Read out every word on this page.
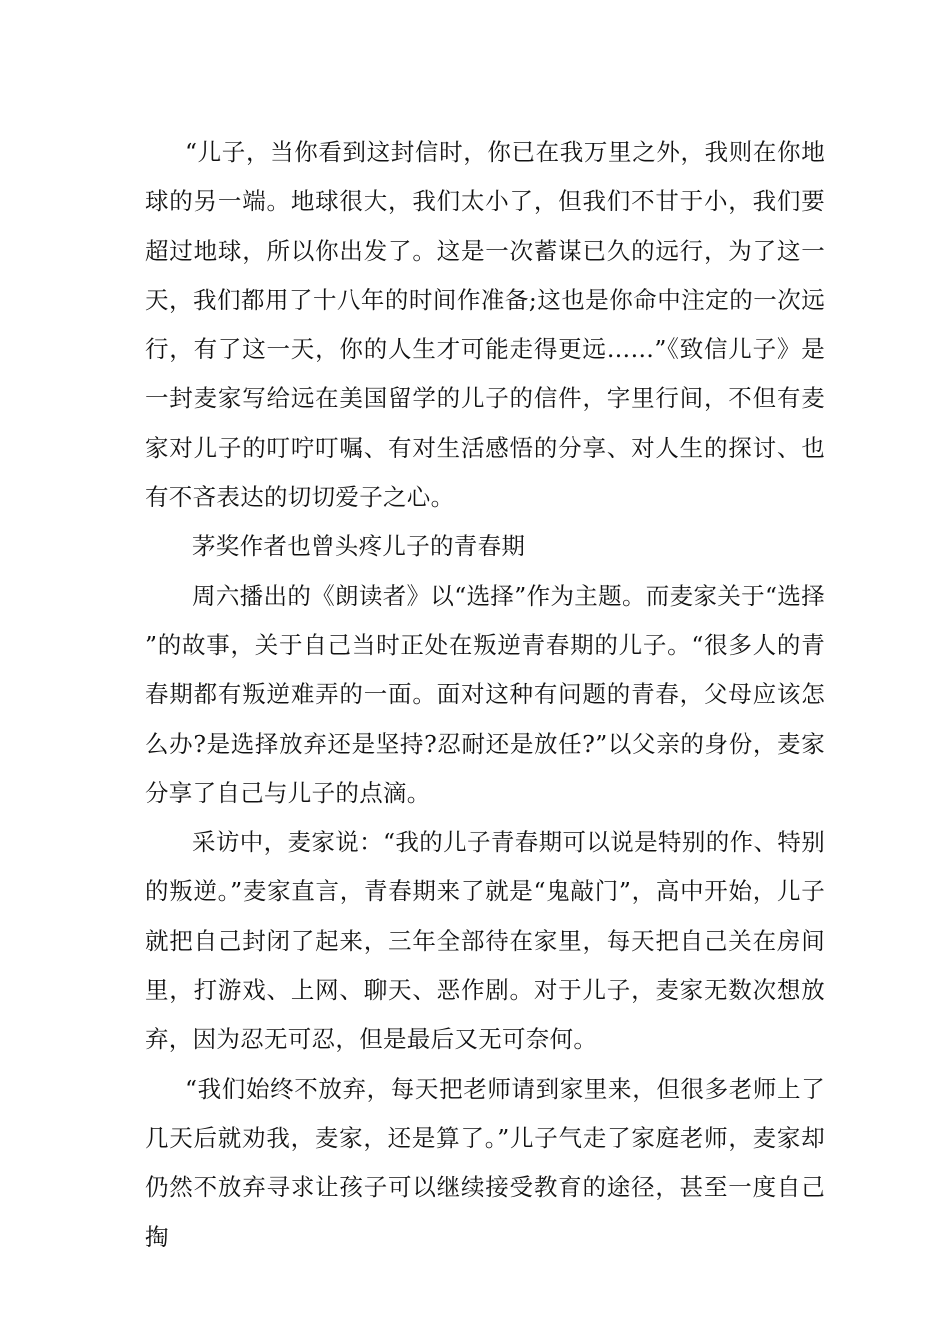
“儿子，当你看到这封信时，你已在我万里之外，我则在你地球的另一端。地球很大，我们太小了，但我们不甘于小，我们要超过地球，所以你出发了。这是一次蓄谋已久的远行，为了这一天，我们都用了十八年的时间作准备;这也是你命中注定的一次远行，有了这一天，你的人生才可能走得更远……”《致信儿子》是一封麦家写给远在美国留学的儿子的信件，字里行间，不但有麦家对儿子的叮咛叮嘱、有对生活感悟的分享、对人生的探讨、也有不吝表达的切切爱子之心。

茅奖作者也曾头疼儿子的青春期

周六播出的《朗读者》以“选择”作为主题。而麦家关于“选择”的故事，关于自己当时正处在叛逆青春期的儿子。“很多人的青春期都有叛逆难弄的一面。面对这种有问题的青春，父母应该怎么办?是选择放弃还是坚持?忍耐还是放任?”以父亲的身份，麦家分享了自己与儿子的点滴。

采访中，麦家说：“我的儿子青春期可以说是特别的作、特别的叛逆。”麦家直言，青春期来了就是“鬼敲门”，高中开始，儿子就把自己封闭了起来，三年全部待在家里，每天把自己关在房间里，打游戏、上网、聊天、恶作剧。对于儿子，麦家无数次想放弃，因为忍无可忍，但是最后又无可奈何。

“我们始终不放弃，每天把老师请到家里来，但很多老师上了几天后就劝我，麦家，还是算了。”儿子气走了家庭老师，麦家却仍然不放弃寻求让孩子可以继续接受教育的途径，甚至一度自己掏
